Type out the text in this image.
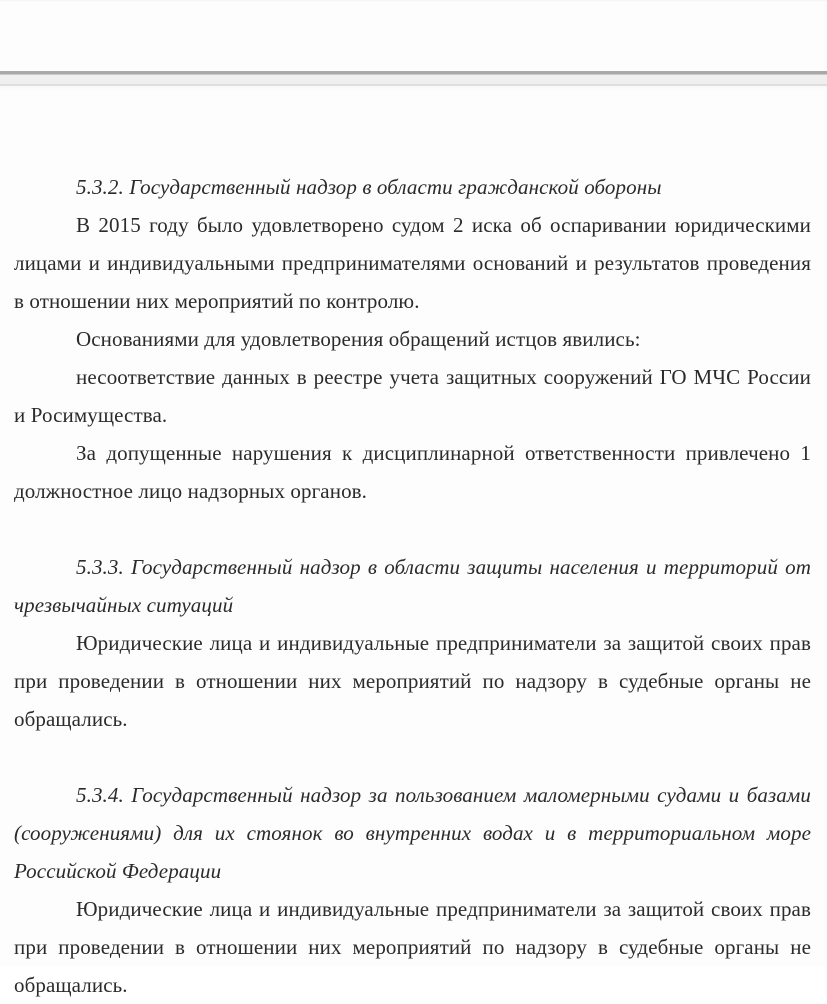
5.3.2. Государственный надзор в области гражданской обороны

В 2015 году было удовлетворено судом 2 иска об оспаривании юридическими лицами и индивидуальными предпринимателями оснований и результатов проведения в отношении них мероприятий по контролю.

Основаниями для удовлетворения обращений истцов явились:

несоответствие данных в реестре учета защитных сооружений ГО МЧС России и Росимущества.

За допущенные нарушения к дисциплинарной ответственности привлечено 1 должностное лицо надзорных органов.

5.3.3. Государственный надзор в области защиты населения и территорий от чрезвычайных ситуаций

Юридические лица и индивидуальные предприниматели за защитой своих прав при проведении в отношении них мероприятий по надзору в судебные органы не обращались.

5.3.4. Государственный надзор за пользованием маломерными судами и базами (сооружениями) для их стоянок во внутренних водах и в территориальном море Российской Федерации

Юридические лица и индивидуальные предприниматели за защитой своих прав при проведении в отношении них мероприятий по надзору в судебные органы не обращались.
